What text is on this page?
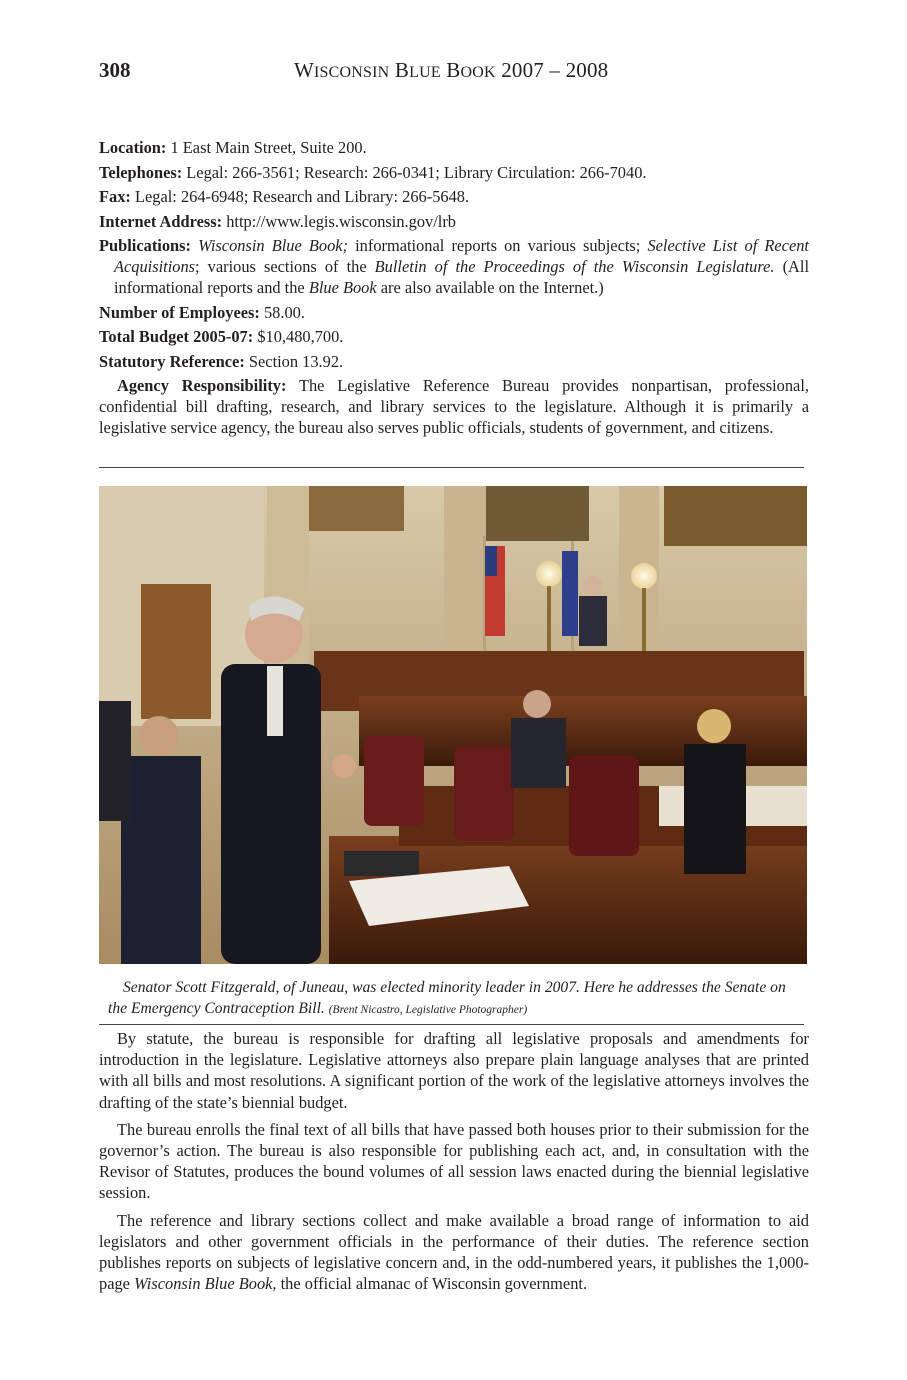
308	WISCONSIN BLUE BOOK 2007 – 2008

Location: 1 East Main Street, Suite 200.

Telephones: Legal: 266-3561; Research: 266-0341; Library Circulation: 266-7040.

Fax: Legal: 264-6948; Research and Library: 266-5648.

Internet Address: http://www.legis.wisconsin.gov/lrb

Publications: Wisconsin Blue Book; informational reports on various subjects; Selective List of Recent Acquisitions; various sections of the Bulletin of the Proceedings of the Wisconsin Legislature. (All informational reports and the Blue Book are also available on the Internet.)

Number of Employees: 58.00.

Total Budget 2005-07: $10,480,700.

Statutory Reference: Section 13.92.

Agency Responsibility: The Legislative Reference Bureau provides nonpartisan, professional, confidential bill drafting, research, and library services to the legislature. Although it is primarily a legislative service agency, the bureau also serves public officials, students of government, and citizens.

Senator Scott Fitzgerald, of Juneau, was elected minority leader in 2007. Here he addresses the Senate on the Emergency Contraception Bill. (Brent Nicastro, Legislative Photographer)

By statute, the bureau is responsible for drafting all legislative proposals and amendments for introduction in the legislature. Legislative attorneys also prepare plain language analyses that are printed with all bills and most resolutions. A significant portion of the work of the legislative attorneys involves the drafting of the state’s biennial budget.

The bureau enrolls the final text of all bills that have passed both houses prior to their submission for the governor’s action. The bureau is also responsible for publishing each act, and, in consultation with the Revisor of Statutes, produces the bound volumes of all session laws enacted during the biennial legislative session.

The reference and library sections collect and make available a broad range of information to aid legislators and other government officials in the performance of their duties. The reference section publishes reports on subjects of legislative concern and, in the odd-numbered years, it publishes the 1,000-page Wisconsin Blue Book, the official almanac of Wisconsin government.
